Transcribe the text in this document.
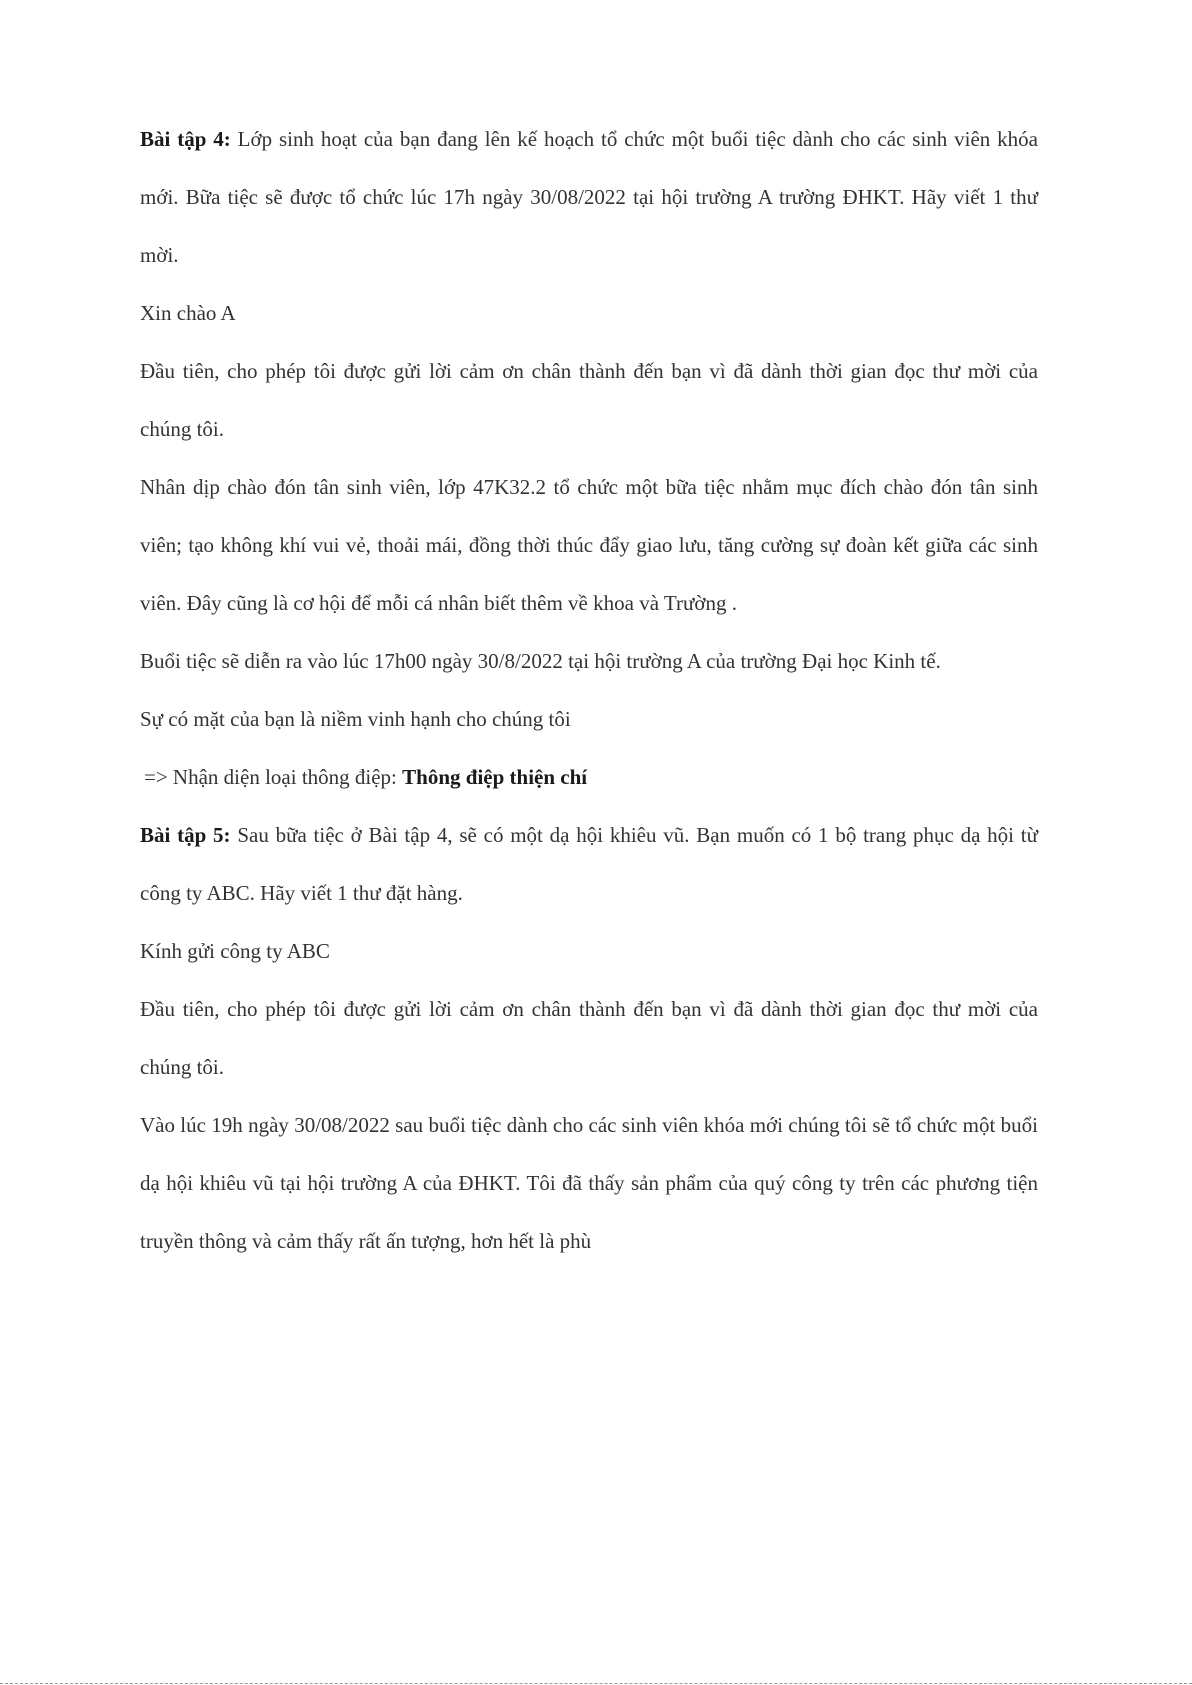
Bài tập 4: Lớp sinh hoạt của bạn đang lên kế hoạch tổ chức một buổi tiệc dành cho các sinh viên khóa mới. Bữa tiệc sẽ được tổ chức lúc 17h ngày 30/08/2022 tại hội trường A trường ĐHKT. Hãy viết 1 thư mời.

Xin chào A

Đầu tiên, cho phép tôi được gửi lời cảm ơn chân thành đến bạn vì đã dành thời gian đọc thư mời của chúng tôi.

Nhân dịp chào đón tân sinh viên, lớp 47K32.2 tổ chức một bữa tiệc nhằm mục đích chào đón tân sinh viên; tạo không khí vui vẻ, thoải mái, đồng thời thúc đẩy giao lưu, tăng cường sự đoàn kết giữa các sinh viên. Đây cũng là cơ hội để mỗi cá nhân biết thêm về khoa và Trường .

Buổi tiệc sẽ diễn ra vào lúc 17h00 ngày 30/8/2022 tại hội trường A của trường Đại học Kinh tế.

Sự có mặt của bạn là niềm vinh hạnh cho chúng tôi

=> Nhận diện loại thông điệp: Thông điệp thiện chí

Bài tập 5: Sau bữa tiệc ở Bài tập 4, sẽ có một dạ hội khiêu vũ. Bạn muốn có 1 bộ trang phục dạ hội từ công ty ABC. Hãy viết 1 thư đặt hàng.

Kính gửi công ty ABC

Đầu tiên, cho phép tôi được gửi lời cảm ơn chân thành đến bạn vì đã dành thời gian đọc thư mời của chúng tôi.

Vào lúc 19h ngày 30/08/2022 sau buổi tiệc dành cho các sinh viên khóa mới chúng tôi sẽ tổ chức một buổi dạ hội khiêu vũ tại hội trường A của ĐHKT. Tôi đã thấy sản phẩm của quý công ty trên các phương tiện truyền thông và cảm thấy rất ấn tượng, hơn hết là phù
